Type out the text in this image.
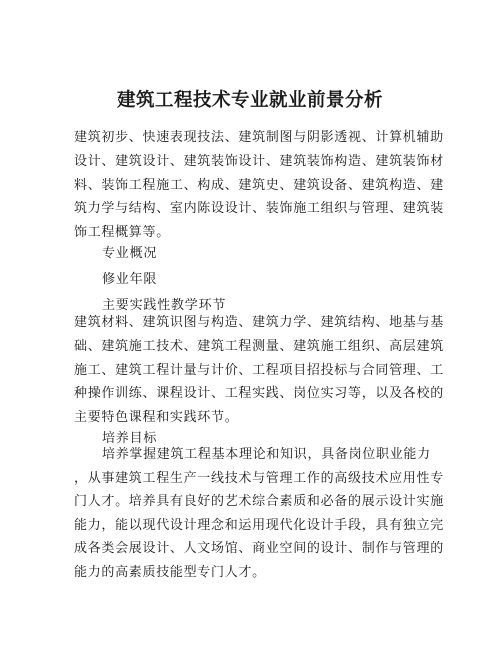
建筑工程技术专业就业前景分析
建筑初步、快速表现技法、建筑制图与阴影透视、计算机辅助
设计、建筑设计、建筑装饰设计、建筑装饰构造、建筑装饰材
料、装饰工程施工、构成、建筑史、建筑设备、建筑构造、建
筑力学与结构、室内陈设设计、装饰施工组织与管理、建筑装
饰工程概算等。

专业概况

修业年限

主要实践性教学环节

建筑材料、建筑识图与构造、建筑力学、建筑结构、地基与基
础、建筑施工技术、建筑工程测量、建筑施工组织、高层建筑
施工、建筑工程计量与计价、工程项目招投标与合同管理、工
种操作训练、课程设计、工程实践、岗位实习等，以及各校的
主要特色课程和实践环节。

培养目标

培养掌握建筑工程基本理论和知识，具备岗位职业能力
，从事建筑工程生产一线技术与管理工作的高级技术应用性专
门人才。培养具有良好的艺术综合素质和必备的展示设计实施
能力，能以现代设计理念和运用现代化设计手段，具有独立完
成各类会展设计、人文场馆、商业空间的设计、制作与管理的
能力的高素质技能型专门人才。
